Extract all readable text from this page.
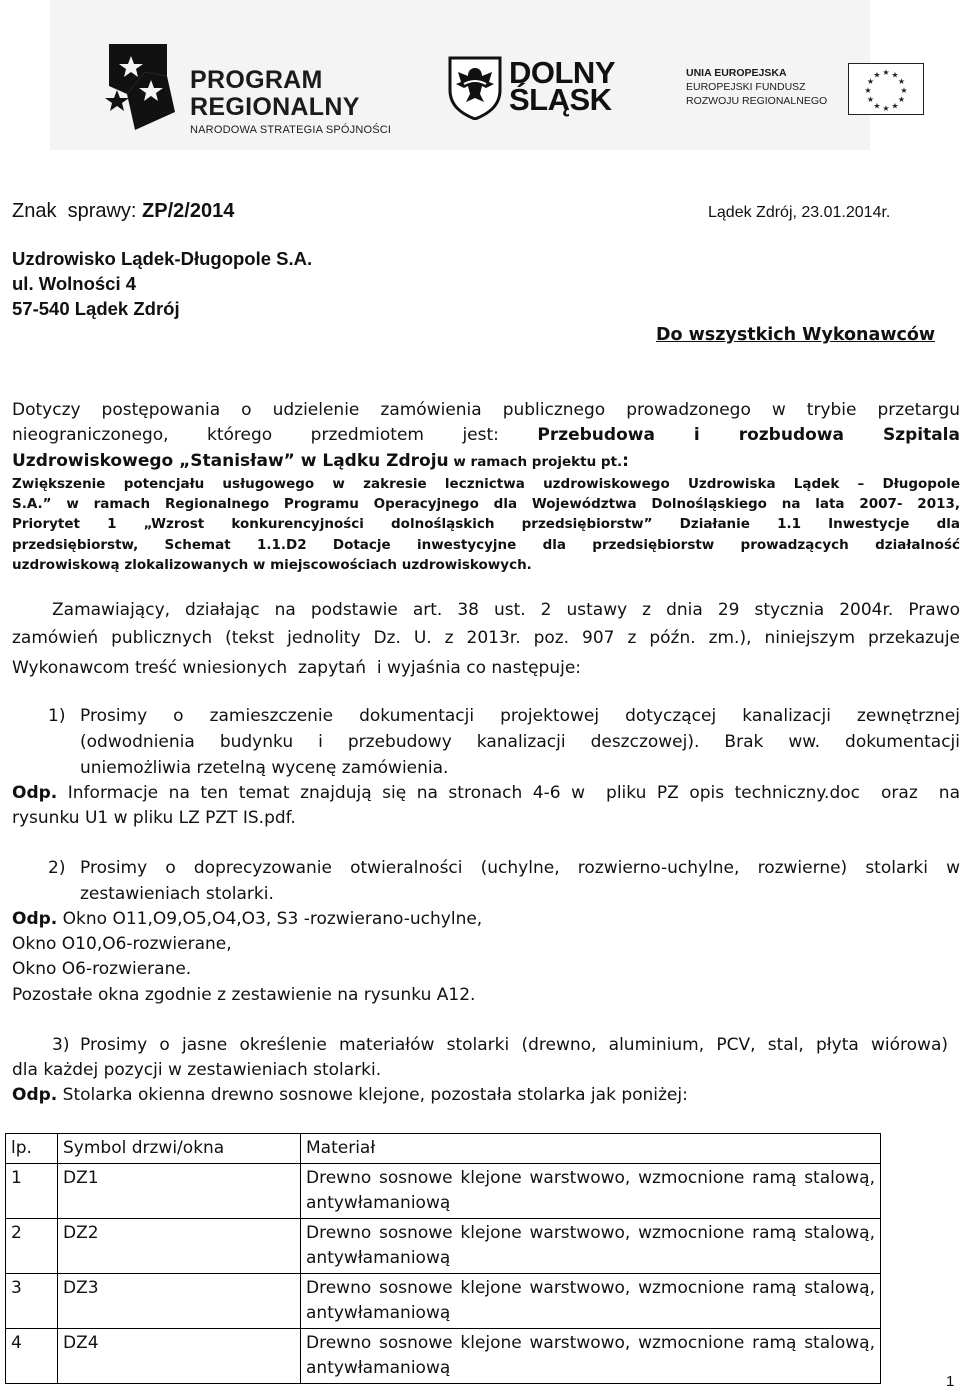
PROGRAM
REGIONALNY
NARODOWA STRATEGIA SPÓJNOŚCI
DOLNY
ŚLĄSK
UNIA EUROPEJSKA
EUROPEJSKI FUNDUSZ
ROZWOJU REGIONALNEGO
★ ★
★
★
★
★
★
★
★
★
★
★
Znak  sprawy: ZP/2/2014	Lądek Zdrój, 23.01.2014r.
Uzdrowisko Lądek-Długopole S.A.
ul. Wolności 4
57-540 Lądek Zdrój
Do wszystkich Wykonawców
Dotyczy postępowania o udzielenie zamówienia publicznego prowadzonego w trybie przetargu
nieograniczonego, którego przedmiotem jest: Przebudowa i rozbudowa Szpitala
Uzdrowiskowego „Stanisław” w Lądku Zdroju w ramach projektu pt.:
Zwiększenie potencjału usługowego w zakresie lecznictwa uzdrowiskowego Uzdrowiska Lądek – Długopole
S.A.” w ramach Regionalnego Programu Operacyjnego dla Województwa Dolnośląskiego na lata 2007- 2013,
Priorytet 1 „Wzrost konkurencyjności dolnośląskich przedsiębiorstw” Działanie 1.1 Inwestycje dla
przedsiębiorstw, Schemat 1.1.D2 Dotacje inwestycyjne dla przedsiębiorstw prowadzących działalność
uzdrowiskową zlokalizowanych w miejscowościach uzdrowiskowych.
Zamawiający, działając na podstawie art. 38 ust. 2 ustawy z dnia 29 stycznia 2004r. Prawo
zamówień publicznych (tekst jednolity Dz. U. z 2013r. poz. 907 z późn. zm.), niniejszym przekazuje
Wykonawcom treść wniesionych  zapytań  i wyjaśnia co następuje:
1) Prosimy o zamieszczenie dokumentacji projektowej dotyczącej kanalizacji zewnętrznej
(odwodnienia budynku i przebudowy kanalizacji deszczowej). Brak ww. dokumentacji
uniemożliwia rzetelną wycenę zamówienia.
Odp. Informacje na ten temat znajdują się na stronach 4-6 w  pliku PZ opis techniczny.doc  oraz  na
rysunku U1 w pliku LZ PZT IS.pdf.
2) Prosimy o doprecyzowanie otwieralności (uchylne, rozwierno-uchylne, rozwierne) stolarki w
zestawieniach stolarki.
Odp. Okno O11,O9,O5,O4,O3, S3 -rozwierano-uchylne,
Okno O10,O6-rozwierane,
Okno O6-rozwierane.
Pozostałe okna zgodnie z zestawienie na rysunku A12.
3) Prosimy o jasne określenie materiałów stolarki (drewno, aluminium, PCV, stal, płyta wiórowa)
dla każdej pozycji w zestawieniach stolarki.
Odp. Stolarka okienna drewno sosnowe klejone, pozostała stolarka jak poniżej:
lp.	Symbol drzwi/okna	Materiał
1	DZ1	Drewno sosnowe klejone warstwowo, wzmocnione ramą stalową, antywłamaniową
2	DZ2	Drewno sosnowe klejone warstwowo, wzmocnione ramą stalową, antywłamaniową
3	DZ3	Drewno sosnowe klejone warstwowo, wzmocnione ramą stalową, antywłamaniową
4	DZ4	Drewno sosnowe klejone warstwowo, wzmocnione ramą stalową, antywłamaniową
1
